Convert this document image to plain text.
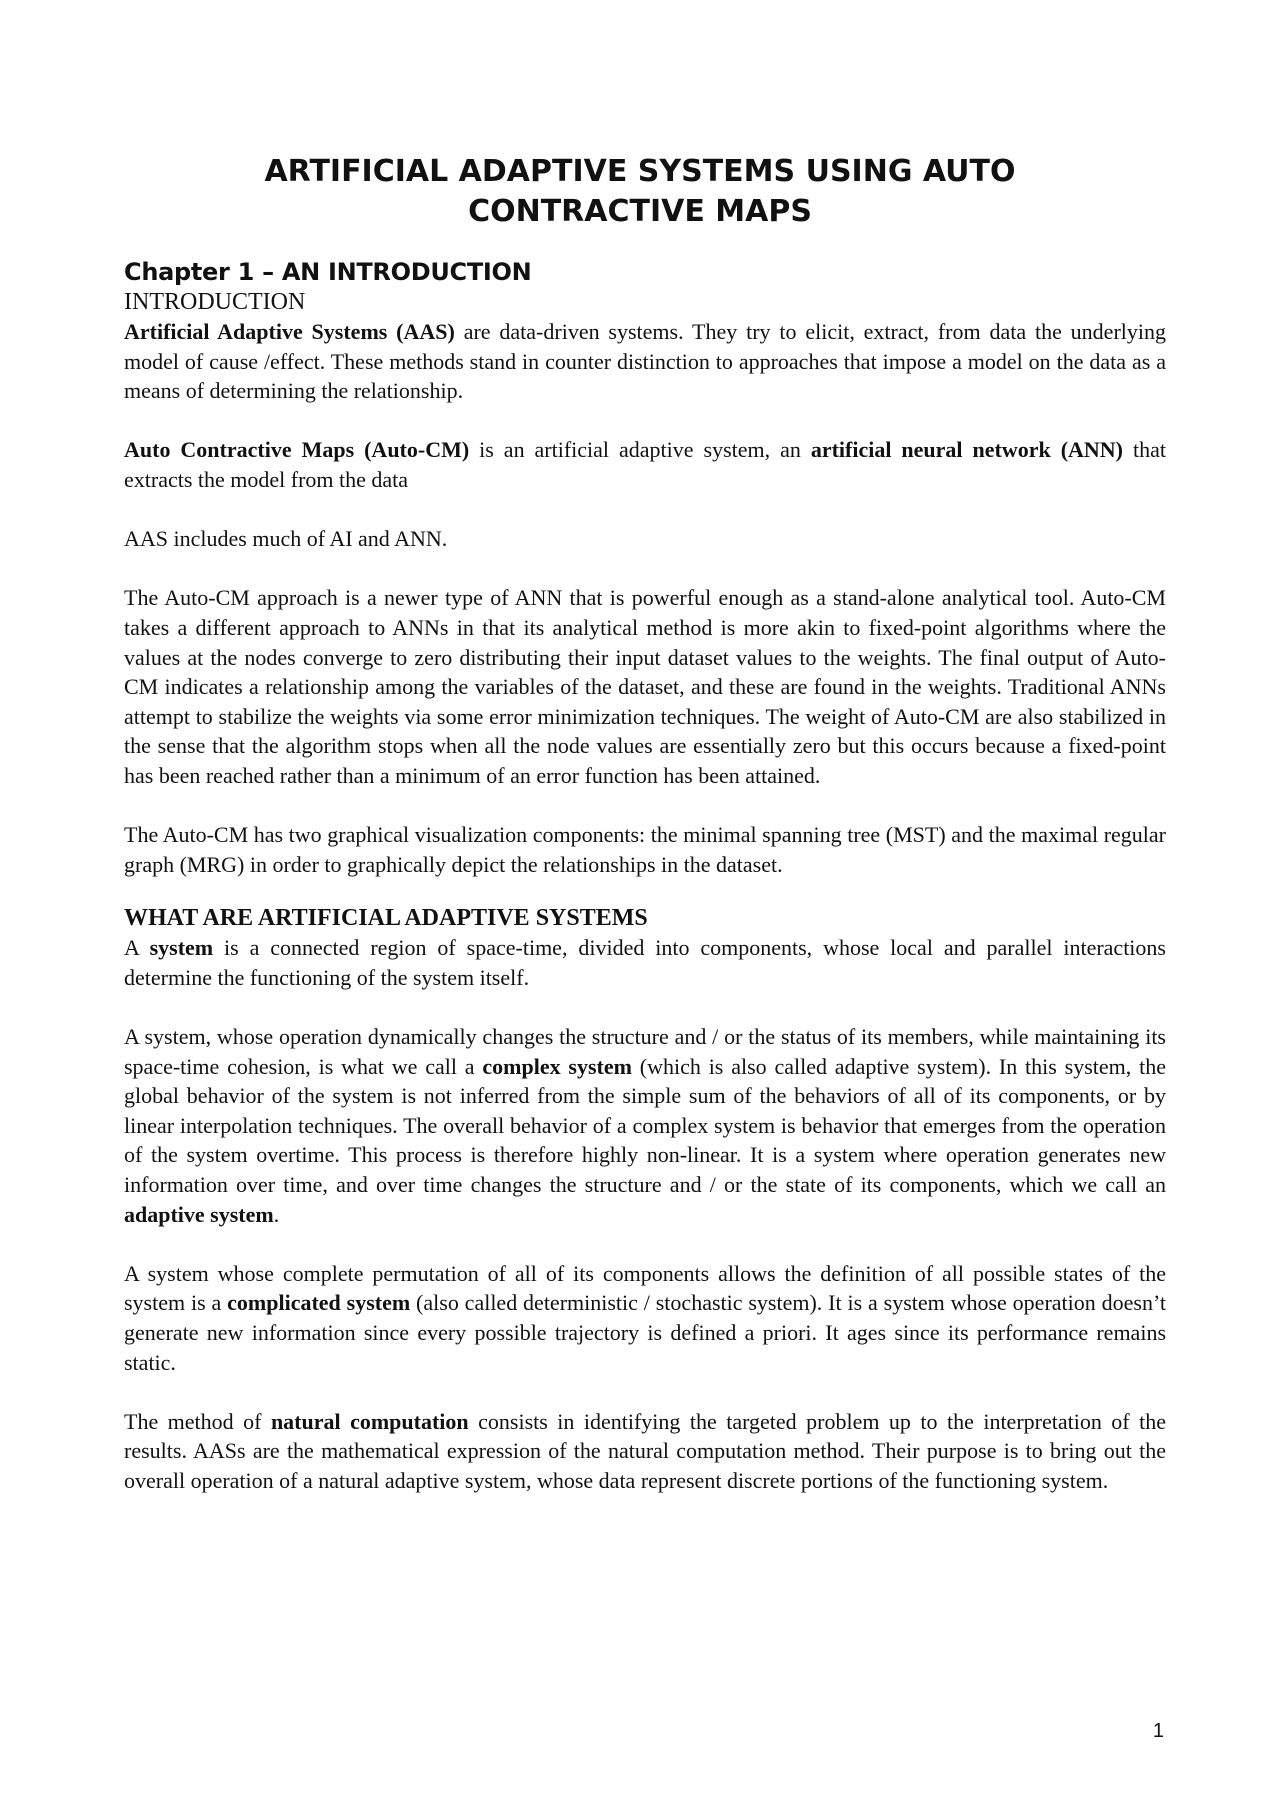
ARTIFICIAL ADAPTIVE SYSTEMS USING AUTO
CONTRACTIVE MAPS
Chapter 1 – AN INTRODUCTION
INTRODUCTION

Artificial Adaptive Systems (AAS) are data-driven systems. They try to elicit, extract, from data the underlying model of cause /effect. These methods stand in counter distinction to approaches that impose a model on the data as a means of determining the relationship.

Auto Contractive Maps (Auto-CM) is an artificial adaptive system, an artificial neural network (ANN) that extracts the model from the data

AAS includes much of AI and ANN.

The Auto-CM approach is a newer type of ANN that is powerful enough as a stand-alone analytical tool. Auto-CM takes a different approach to ANNs in that its analytical method is more akin to fixed-point algorithms where the values at the nodes converge to zero distributing their input dataset values to the weights. The final output of Auto-CM indicates a relationship among the variables of the dataset, and these are found in the weights. Traditional ANNs attempt to stabilize the weights via some error minimization techniques. The weight of Auto-CM are also stabilized in the sense that the algorithm stops when all the node values are essentially zero but this occurs because a fixed-point has been reached rather than a minimum of an error function has been attained.

The Auto-CM has two graphical visualization components: the minimal spanning tree (MST) and the maximal regular graph (MRG) in order to graphically depict the relationships in the dataset.

WHAT ARE ARTIFICIAL ADAPTIVE SYSTEMS

A system is a connected region of space-time, divided into components, whose local and parallel interactions determine the functioning of the system itself.

A system, whose operation dynamically changes the structure and / or the status of its members, while maintaining its space-time cohesion, is what we call a complex system (which is also called adaptive system). In this system, the global behavior of the system is not inferred from the simple sum of the behaviors of all of its components, or by linear interpolation techniques. The overall behavior of a complex system is behavior that emerges from the operation of the system overtime. This process is therefore highly non-linear. It is a system where operation generates new information over time, and over time changes the structure and / or the state of its components, which we call an adaptive system.

A system whose complete permutation of all of its components allows the definition of all possible states of the system is a complicated system (also called deterministic / stochastic system). It is a system whose operation doesn’t generate new information since every possible trajectory is defined a priori. It ages since its performance remains static.

The method of natural computation consists in identifying the targeted problem up to the interpretation of the results. AASs are the mathematical expression of the natural computation method. Their purpose is to bring out the overall operation of a natural adaptive system, whose data represent discrete portions of the functioning system.

1
